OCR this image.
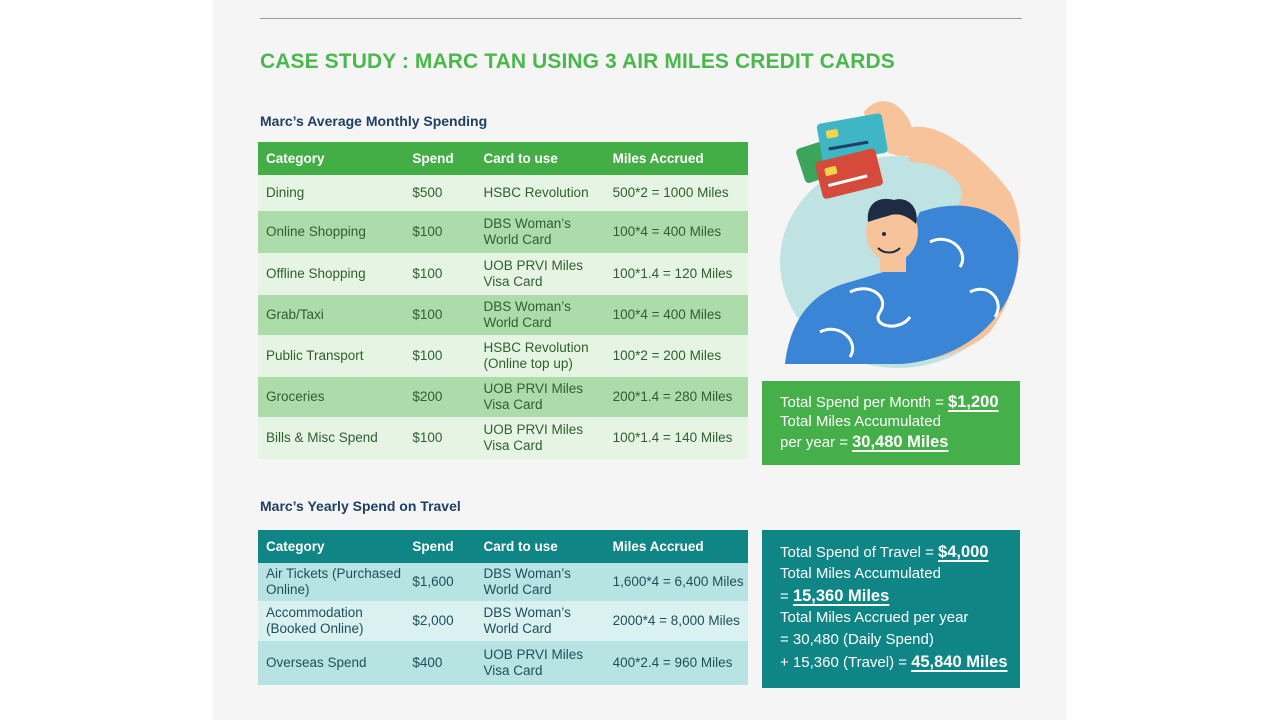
CASE STUDY : MARC TAN USING 3 AIR MILES CREDIT CARDS
Marc’s Average Monthly Spending
Category	Spend	Card to use	Miles Accrued
Dining	$500	HSBC Revolution	500*2 = 1000 Miles
Online Shopping	$100	DBS Woman’s World Card	100*4 = 400 Miles
Offline Shopping	$100	UOB PRVI Miles Visa Card	100*1.4 = 120 Miles
Grab/Taxi	$100	DBS Woman’s World Card	100*4 = 400 Miles
Public Transport	$100	HSBC Revolution (Online top up)	100*2 = 200 Miles
Groceries	$200	UOB PRVI Miles Visa Card	200*1.4 = 280 Miles
Bills & Misc Spend	$100	UOB PRVI Miles Visa Card	100*1.4 = 140 Miles
Total Spend per Month = $1,200
Total Miles Accumulated
per year = 30,480 Miles
Marc’s Yearly Spend on Travel
Category	Spend	Card to use	Miles Accrued
Air Tickets (Purchased Online)	$1,600	DBS Woman’s World Card	1,600*4 = 6,400 Miles
Accommodation (Booked Online)	$2,000	DBS Woman’s World Card	2000*4 = 8,000 Miles
Overseas Spend	$400	UOB PRVI Miles Visa Card	400*2.4 = 960 Miles
Total Spend of Travel = $4,000
Total Miles Accumulated
= 15,360 Miles
Total Miles Accrued per year
= 30,480 (Daily Spend)
+ 15,360 (Travel) = 45,840 Miles
